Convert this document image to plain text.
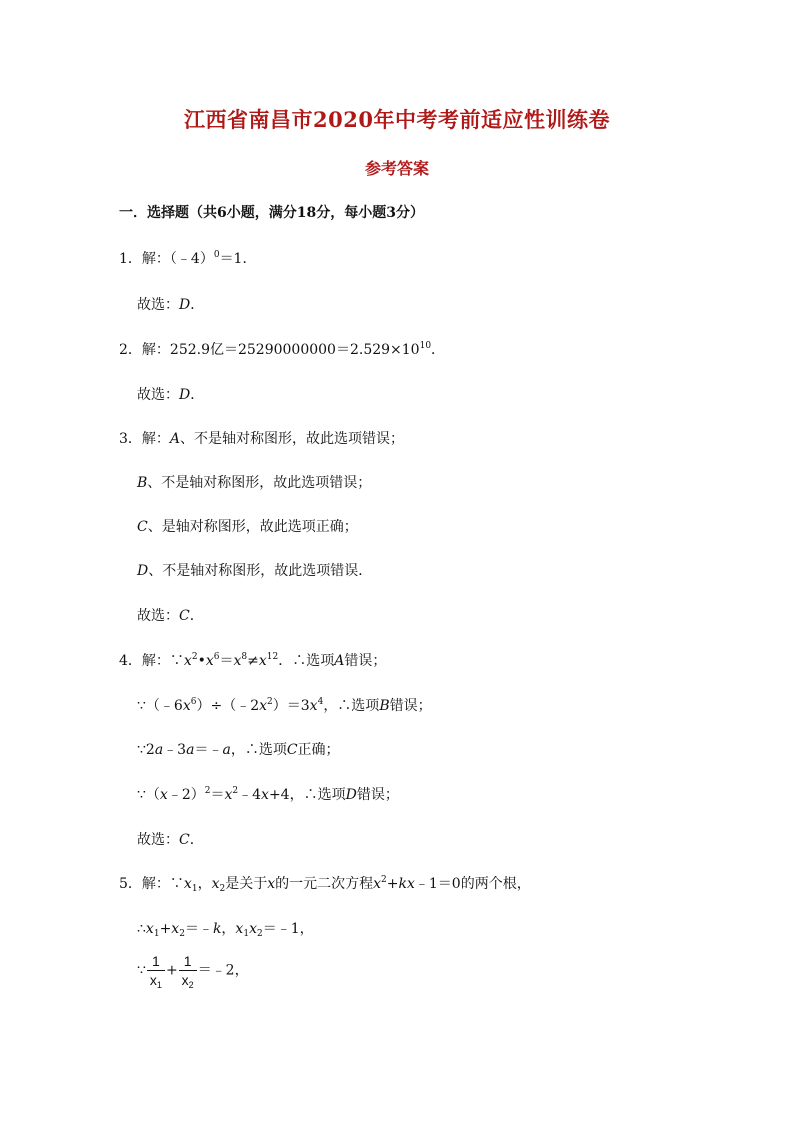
江西省南昌市2020年中考考前适应性训练卷
参考答案
一．选择题（共6小题，满分18分，每小题3分）
1．解：（﹣4）$^0$＝1．
故选：D．
2．解：252.9亿$=25290000000=2.529\times 10^{10}$．
故选：D．
3．解：A、不是轴对称图形，故此选项错误；
B、不是轴对称图形，故此选项错误；
C、是轴对称图形，故此选项正确；
D、不是轴对称图形，故此选项错误．
故选：C．
4．解：$\because x^2•x^6=x^8\ne x^{12}$．∴选项A错误；
$\because(﹣6x^6)\div(﹣2x^2)=3x^4$，∴选项B错误；
∵2a﹣3a＝﹣a，∴选项C正确；
$\because(x﹣2)^2=x^2﹣4x+4$，∴选项D错误；
故选：C．
5．解：$\because x_1$，$x_2$是关于x的一元二次方程$x^2+kx﹣1=0$的两个根，
$\therefore x_1+x_2=﹣k$，$x_1x_2=﹣1$，
∵ $\frac{1}{x_1} + \frac{1}{x_2}$ ＝﹣2，
